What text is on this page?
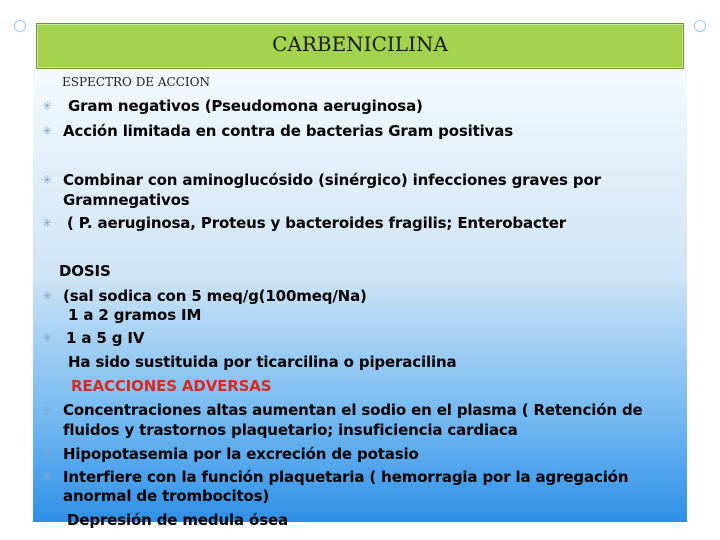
CARBENICILINA
ESPECTRO DE ACCION
✳
✳
✳
✳
✳
✳
✳
✳
✳
Gram negativos (Pseudomona aeruginosa)
Acción limitada en contra de bacterias Gram positivas
Combinar con aminoglucósido (sinérgico) infecciones graves por
Gramnegativos
( P. aeruginosa, Proteus y bacteroides fragilis; Enterobacter
DOSIS
(sal sodica con 5 meq/g(100meq/Na)
1 a 2 gramos IM
1 a 5 g IV
Ha sido sustituida por ticarcilina o piperacilina
REACCIONES ADVERSAS
Concentraciones altas aumentan el sodio en el plasma ( Retención de
fluidos y trastornos plaquetario; insuficiencia cardiaca
Hipopotasemia por la excreción de potasio
Interfiere con la función plaquetaria ( hemorragia por la agregación
anormal de trombocitos)
Depresión de medula ósea
